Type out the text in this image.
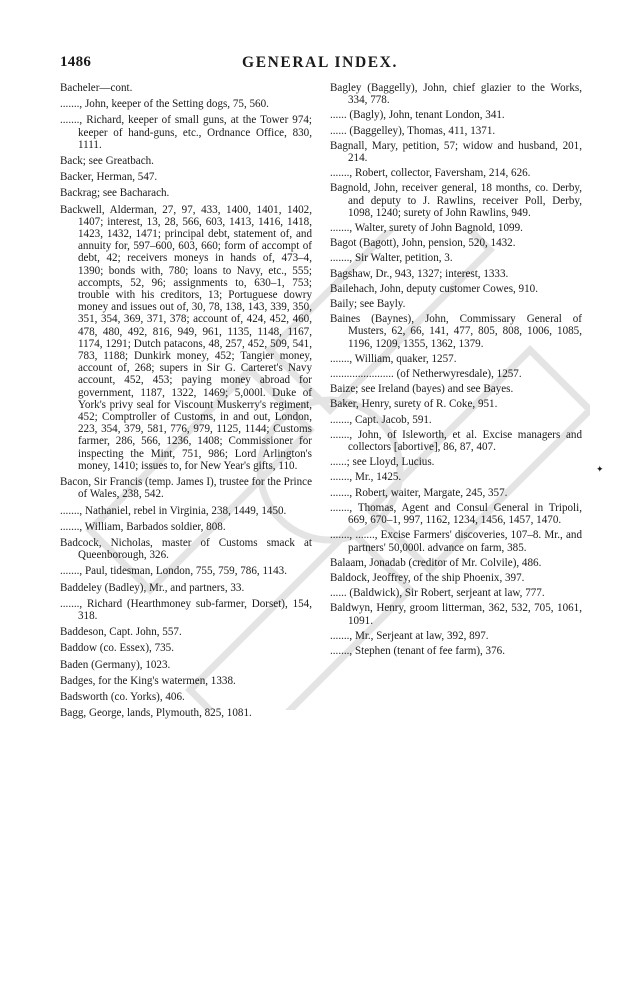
1486	GENERAL INDEX.

Bacheler—cont.

......., John, keeper of the Setting dogs, 75, 560.

......., Richard, keeper of small guns, at the Tower 974; keeper of hand-guns, etc., Ordnance Office, 830, 1111.

Back; see Greatbach.

Backer, Herman, 547.

Backrag; see Bacharach.

Backwell, Alderman, 27, 97, 433, 1400, 1401, 1402, 1407; interest, 13, 28, 566, 603, 1413, 1416, 1418, 1423, 1432, 1471; principal debt, statement of, and annuity for, 597–600, 603, 660; form of accompt of debt, 42; receivers moneys in hands of, 473–4, 1390; bonds with, 780; loans to Navy, etc., 555; accompts, 52, 96; assignments to, 630–1, 753; trouble with his creditors, 13; Portuguese dowry money and issues out of, 30, 78, 138, 143, 339, 350, 351, 354, 369, 371, 378; account of, 424, 452, 460, 478, 480, 492, 816, 949, 961, 1135, 1148, 1167, 1174, 1291; Dutch patacons, 48, 257, 452, 509, 541, 783, 1188; Dunkirk money, 452; Tangier money, account of, 268; supers in Sir G. Carteret's Navy account, 452, 453; paying money abroad for government, 1187, 1322, 1469; 5,000l. Duke of York's privy seal for Viscount Muskerry's regiment, 452; Comptroller of Customs, in and out, London, 223, 354, 379, 581, 776, 979, 1125, 1144; Customs farmer, 286, 566, 1236, 1408; Commissioner for inspecting the Mint, 751, 986; Lord Arlington's money, 1410; issues to, for New Year's gifts, 110.

Bacon, Sir Francis (temp. James I), trustee for the Prince of Wales, 238, 542.

......., Nathaniel, rebel in Virginia, 238, 1449, 1450.

......., William, Barbados soldier, 808.

Badcock, Nicholas, master of Customs smack at Queenborough, 326.

......., Paul, tidesman, London, 755, 759, 786, 1143.

Baddeley (Badley), Mr., and partners, 33.

......., Richard (Hearthmoney sub-farmer, Dorset), 154, 318.

Baddeson, Capt. John, 557.

Baddow (co. Essex), 735.

Baden (Germany), 1023.

Badges, for the King's watermen, 1338.

Badsworth (co. Yorks), 406.

Bagg, George, lands, Plymouth, 825, 1081.

Bagley (Baggelly), John, chief glazier to the Works, 334, 778.

...... (Bagly), John, tenant London, 341.

...... (Baggelley), Thomas, 411, 1371.

Bagnall, Mary, petition, 57; widow and husband, 201, 214.

......., Robert, collector, Faversham, 214, 626.

Bagnold, John, receiver general, 18 months, co. Derby, and deputy to J. Rawlins, receiver Poll, Derby, 1098, 1240; surety of John Rawlins, 949.

......., Walter, surety of John Bagnold, 1099.

Bagot (Bagott), John, pension, 520, 1432.

......., Sir Walter, petition, 3.

Bagshaw, Dr., 943, 1327; interest, 1333.

Bailehach, John, deputy customer Cowes, 910.

Baily; see Bayly.

Baines (Baynes), John, Commissary General of Musters, 62, 66, 141, 477, 805, 808, 1006, 1085, 1196, 1209, 1355, 1362, 1379.

......., William, quaker, 1257.

....................... (of Netherwyresdale), 1257.

Baize; see Ireland (bayes) and see Bayes.

Baker, Henry, surety of R. Coke, 951.

......., Capt. Jacob, 591.

......., John, of Isleworth, et al. Excise managers and collectors [abortive], 86, 87, 407.

......; see Lloyd, Lucius.

......., Mr., 1425.

......., Robert, waiter, Margate, 245, 357.

......., Thomas, Agent and Consul General in Tripoli, 669, 670–1, 997, 1162, 1234, 1456, 1457, 1470.

......., ......., Excise Farmers' discoveries, 107–8. Mr., and partners' 50,000l. advance on farm, 385.

Balaam, Jonadab (creditor of Mr. Colvile), 486.

Baldock, Jeoffrey, of the ship Phoenix, 397.

...... (Baldwick), Sir Robert, serjeant at law, 777.

Baldwyn, Henry, groom litterman, 362, 532, 705, 1061, 1091.

......., Mr., Serjeant at law, 392, 897.

......., Stephen (tenant of fee farm), 376.

✦
